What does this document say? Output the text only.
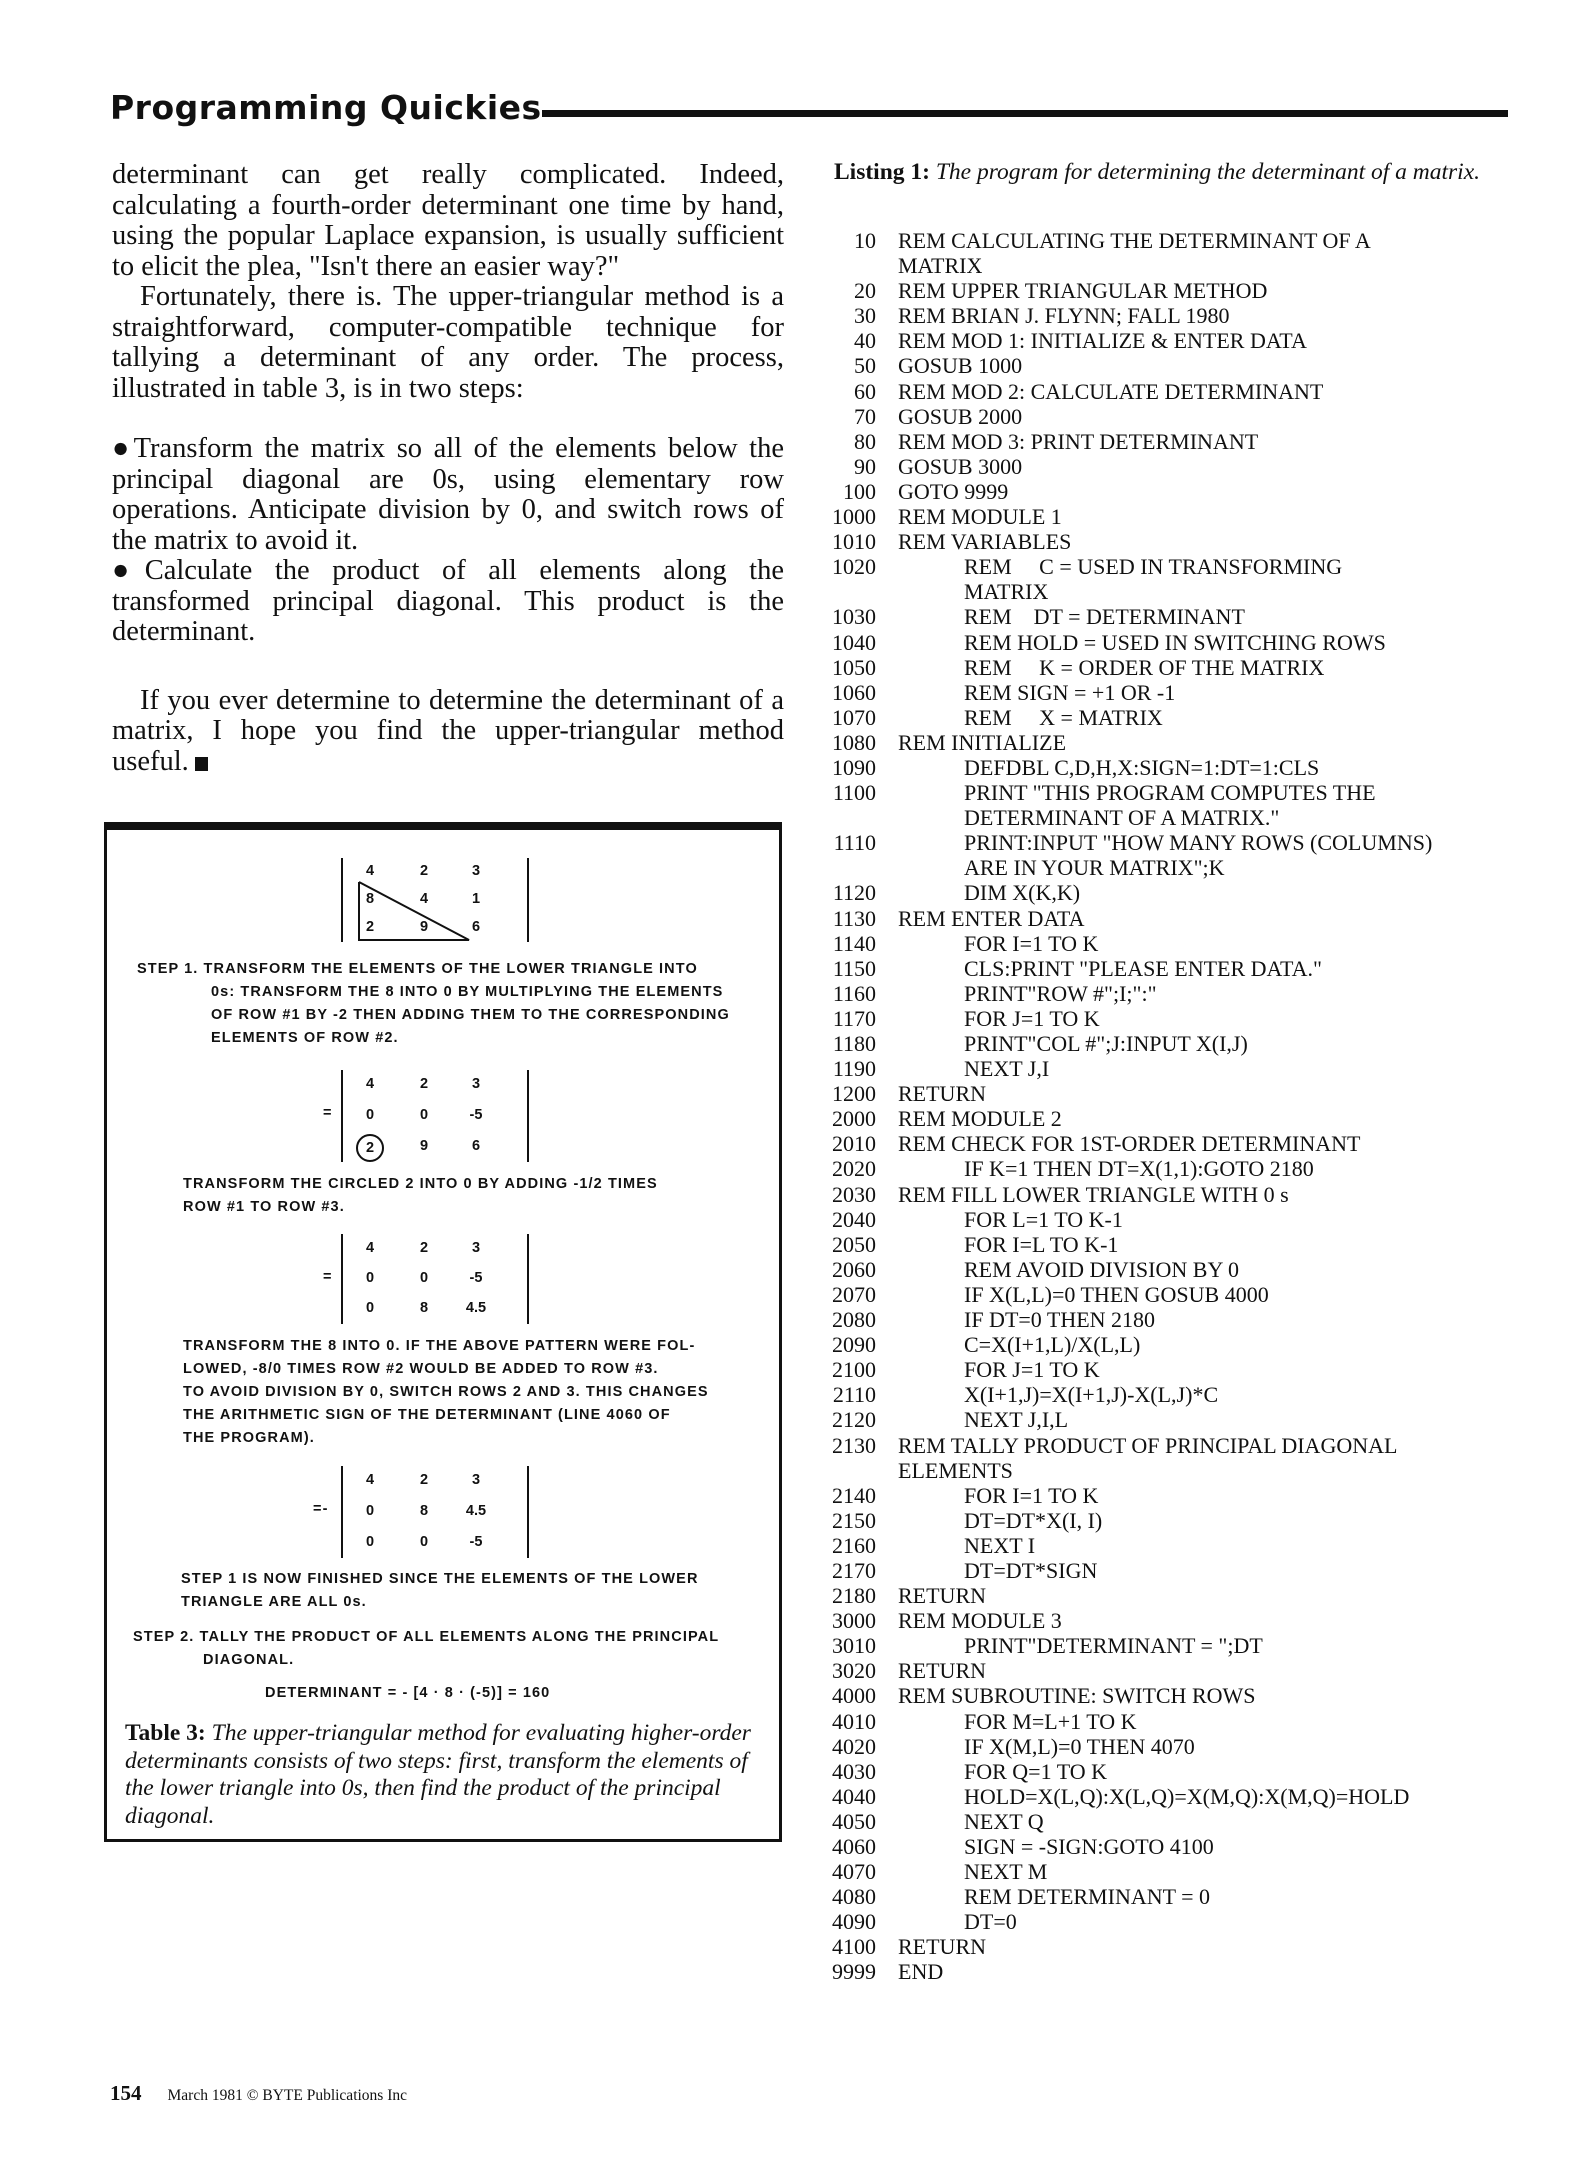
Programming Quickies

determinant can get really complicated. Indeed, calculating a fourth-order determinant one time by hand, using the popular Laplace expansion, is usually sufficient to elicit the plea, "Isn't there an easier way?"

Fortunately, there is. The upper-triangular method is a straightforward, computer-compatible technique for tallying a determinant of any order. The process, illustrated in table 3, is in two steps:

●Transform the matrix so all of the elements below the principal diagonal are 0s, using elementary row operations. Anticipate division by 0, and switch rows of the matrix to avoid it.

●Calculate the product of all elements along the transformed principal diagonal. This product is the determinant.

If you ever determine to determine the determinant of a matrix, I hope you find the upper-triangular method useful.

4	2	3
8	4	1
2	9	6
STEP 1. TRANSFORM THE ELEMENTS OF THE LOWER TRIANGLE INTO
0s: TRANSFORM THE 8 INTO 0 BY MULTIPLYING THE ELEMENTS
OF ROW #1 BY -2 THEN ADDING THEM TO THE CORRESPONDING
ELEMENTS OF ROW #2.
4	2	3
0	0	-5
2	9	6
=
TRANSFORM THE CIRCLED 2 INTO 0 BY ADDING -1/2 TIMES
ROW #1 TO ROW #3.
4	2	3
0	0	-5
0	8	4.5
=
TRANSFORM THE 8 INTO 0. IF THE ABOVE PATTERN WERE FOL-
LOWED, -8/0 TIMES ROW #2 WOULD BE ADDED TO ROW #3.
TO AVOID DIVISION BY 0, SWITCH ROWS 2 AND 3. THIS CHANGES
THE ARITHMETIC SIGN OF THE DETERMINANT (LINE 4060 OF
THE PROGRAM).
4	2	3
0	8	4.5
0	0	-5
=-
STEP 1 IS NOW FINISHED SINCE THE ELEMENTS OF THE LOWER
TRIANGLE ARE ALL 0s.
STEP 2. TALLY THE PRODUCT OF ALL ELEMENTS ALONG THE PRINCIPAL
DIAGONAL.
DETERMINANT = - [4 · 8 · (-5)] = 160
Table 3: The upper-triangular method for evaluating higher-order determinants consists of two steps: first, transform the elements of the lower triangle into 0s, then find the product of the principal diagonal.
Listing 1: The program for determining the determinant of a matrix.
10	REM CALCULATING THE DETERMINANT OF A
MATRIX
20	REM UPPER TRIANGULAR METHOD
30	REM BRIAN J. FLYNN; FALL 1980
40	REM MOD 1: INITIALIZE & ENTER DATA
50	GOSUB 1000
60	REM MOD 2: CALCULATE DETERMINANT
70	GOSUB 2000
80	REM MOD 3: PRINT DETERMINANT
90	GOSUB 3000
100	GOTO 9999
1000	REM MODULE 1
1010	REM VARIABLES
1020	REM     C = USED IN TRANSFORMING
MATRIX
1030	REM    DT = DETERMINANT
1040	REM HOLD = USED IN SWITCHING ROWS
1050	REM     K = ORDER OF THE MATRIX
1060	REM SIGN = +1 OR -1
1070	REM     X = MATRIX
1080	REM INITIALIZE
1090	DEFDBL C,D,H,X:SIGN=1:DT=1:CLS
1100	PRINT "THIS PROGRAM COMPUTES THE
DETERMINANT OF A MATRIX."
1110	PRINT:INPUT "HOW MANY ROWS (COLUMNS)
ARE IN YOUR MATRIX";K
1120	DIM X(K,K)
1130	REM ENTER DATA
1140	FOR I=1 TO K
1150	CLS:PRINT "PLEASE ENTER DATA."
1160	PRINT"ROW #";I;":"
1170	FOR J=1 TO K
1180	PRINT"COL #";J:INPUT X(I,J)
1190	NEXT J,I
1200	RETURN
2000	REM MODULE 2
2010	REM CHECK FOR 1ST-ORDER DETERMINANT
2020	IF K=1 THEN DT=X(1,1):GOTO 2180
2030	REM FILL LOWER TRIANGLE WITH 0 s
2040	FOR L=1 TO K-1
2050	FOR I=L TO K-1
2060	REM AVOID DIVISION BY 0
2070	IF X(L,L)=0 THEN GOSUB 4000
2080	IF DT=0 THEN 2180
2090	C=X(I+1,L)/X(L,L)
2100	FOR J=1 TO K
2110	X(I+1,J)=X(I+1,J)-X(L,J)*C
2120	NEXT J,I,L
2130	REM TALLY PRODUCT OF PRINCIPAL DIAGONAL
ELEMENTS
2140	FOR I=1 TO K
2150	DT=DT*X(I, I)
2160	NEXT I
2170	DT=DT*SIGN
2180	RETURN
3000	REM MODULE 3
3010	PRINT"DETERMINANT = ";DT
3020	RETURN
4000	REM SUBROUTINE: SWITCH ROWS
4010	FOR M=L+1 TO K
4020	IF X(M,L)=0 THEN 4070
4030	FOR Q=1 TO K
4040	HOLD=X(L,Q):X(L,Q)=X(M,Q):X(M,Q)=HOLD
4050	NEXT Q
4060	SIGN = -SIGN:GOTO 4100
4070	NEXT M
4080	REM DETERMINANT = 0
4090	DT=0
4100	RETURN
9999	END
154 March 1981 © BYTE Publications Inc
